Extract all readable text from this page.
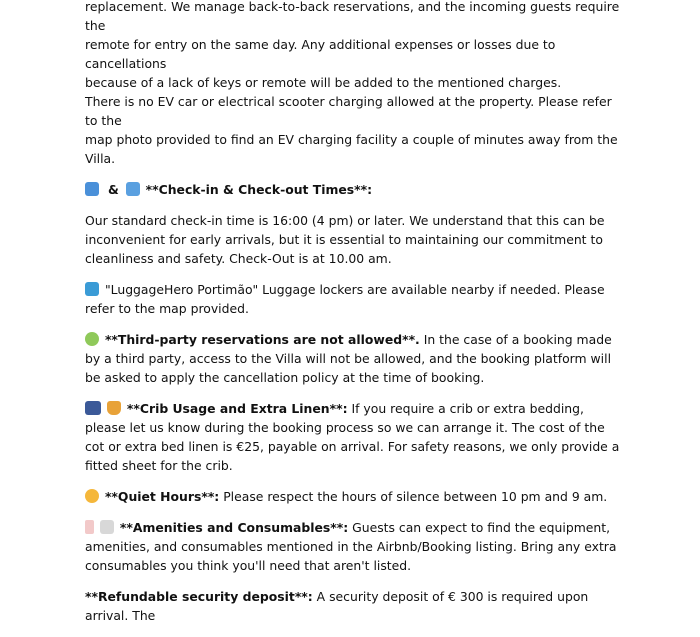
replacement. We manage back-to-back reservations, and the incoming guests require the

remote for entry on the same day. Any additional expenses or losses due to cancellations

because of a lack of keys or remote will be added to the mentioned charges.

There is no EV car or electrical scooter charging allowed at the property. Please refer to the

map photo provided to find an EV charging facility a couple of minutes away from the Villa.

& **Check-in & Check-out Times**:

Our standard check-in time is 16:00 (4 pm) or later. We understand that this can be inconvenient for early arrivals, but it is essential to maintaining our commitment to cleanliness and safety. Check-Out is at 10.00 am.

"LuggageHero Portimão" Luggage lockers are available nearby if needed. Please refer to the map provided.

**Third-party reservations are not allowed**. In the case of a booking made by a third party, access to the Villa will not be allowed, and the booking platform will be asked to apply the cancellation policy at the time of booking.

**Crib Usage and Extra Linen**: If you require a crib or extra bedding, please let us know during the booking process so we can arrange it. The cost of the cot or extra bed linen is €25, payable on arrival. For safety reasons, we only provide a fitted sheet for the crib.

**Quiet Hours**: Please respect the hours of silence between 10 pm and 9 am.

**Amenities and Consumables**: Guests can expect to find the equipment, amenities, and consumables mentioned in the Airbnb/Booking listing. Bring any extra consumables you think you'll need that aren't listed.

**Refundable security deposit**: A security deposit of € 300 is required upon arrival. The
